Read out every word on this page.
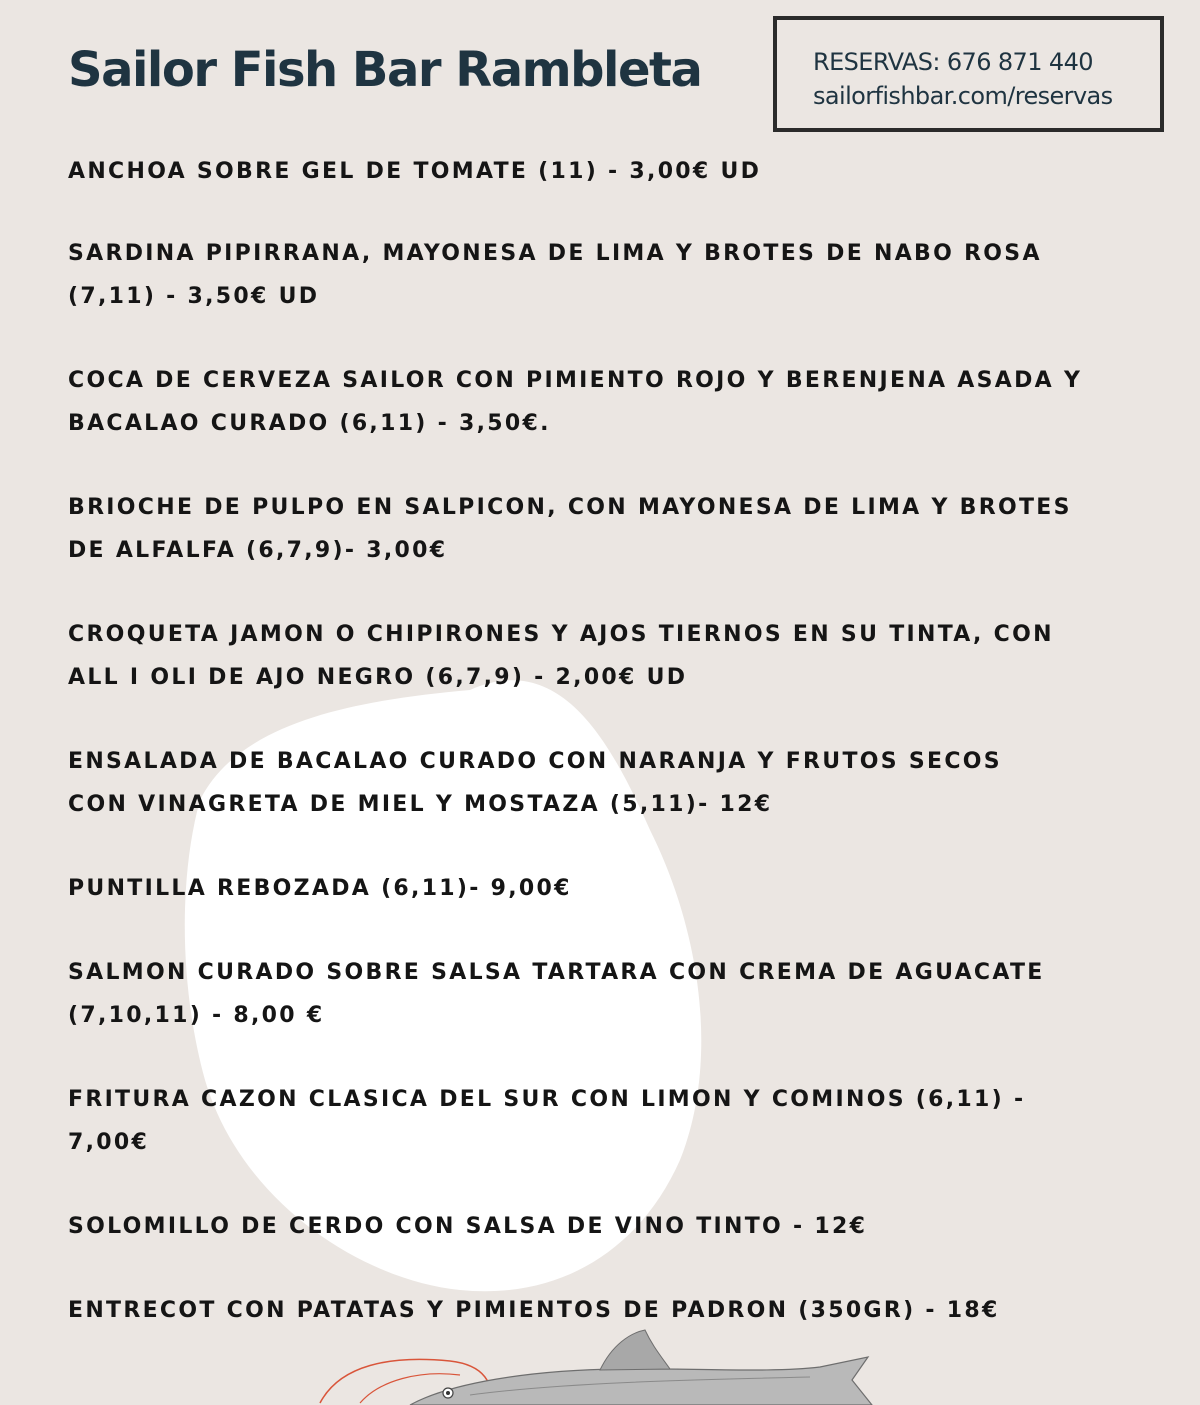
Sailor Fish Bar Rambleta	RESERVAS: 676 871 440
sailorfishbar.com/reservas
ANCHOA SOBRE GEL DE TOMATE (11) - 3,00€ UD
SARDINA PIPIRRANA, MAYONESA DE LIMA Y BROTES DE NABO ROSA
(7,11) - 3,50€ UD
COCA DE CERVEZA SAILOR CON PIMIENTO ROJO Y BERENJENA ASADA Y
BACALAO CURADO (6,11) - 3,50€.
BRIOCHE DE PULPO EN SALPICON, CON MAYONESA DE LIMA Y BROTES
DE ALFALFA (6,7,9)- 3,00€
CROQUETA JAMON O CHIPIRONES Y AJOS TIERNOS EN SU TINTA, CON
ALL I OLI DE AJO NEGRO (6,7,9) - 2,00€ UD
ENSALADA DE BACALAO CURADO CON NARANJA Y FRUTOS SECOS
CON VINAGRETA DE MIEL Y MOSTAZA (5,11)- 12€
PUNTILLA REBOZADA (6,11)- 9,00€
SALMON CURADO SOBRE SALSA TARTARA CON CREMA DE AGUACATE
(7,10,11) - 8,00 €
FRITURA CAZON CLASICA DEL SUR CON LIMON Y COMINOS (6,11) -
7,00€
SOLOMILLO DE CERDO CON SALSA DE VINO TINTO - 12€
ENTRECOT CON PATATAS Y PIMIENTOS DE PADRON (350GR) - 18€
